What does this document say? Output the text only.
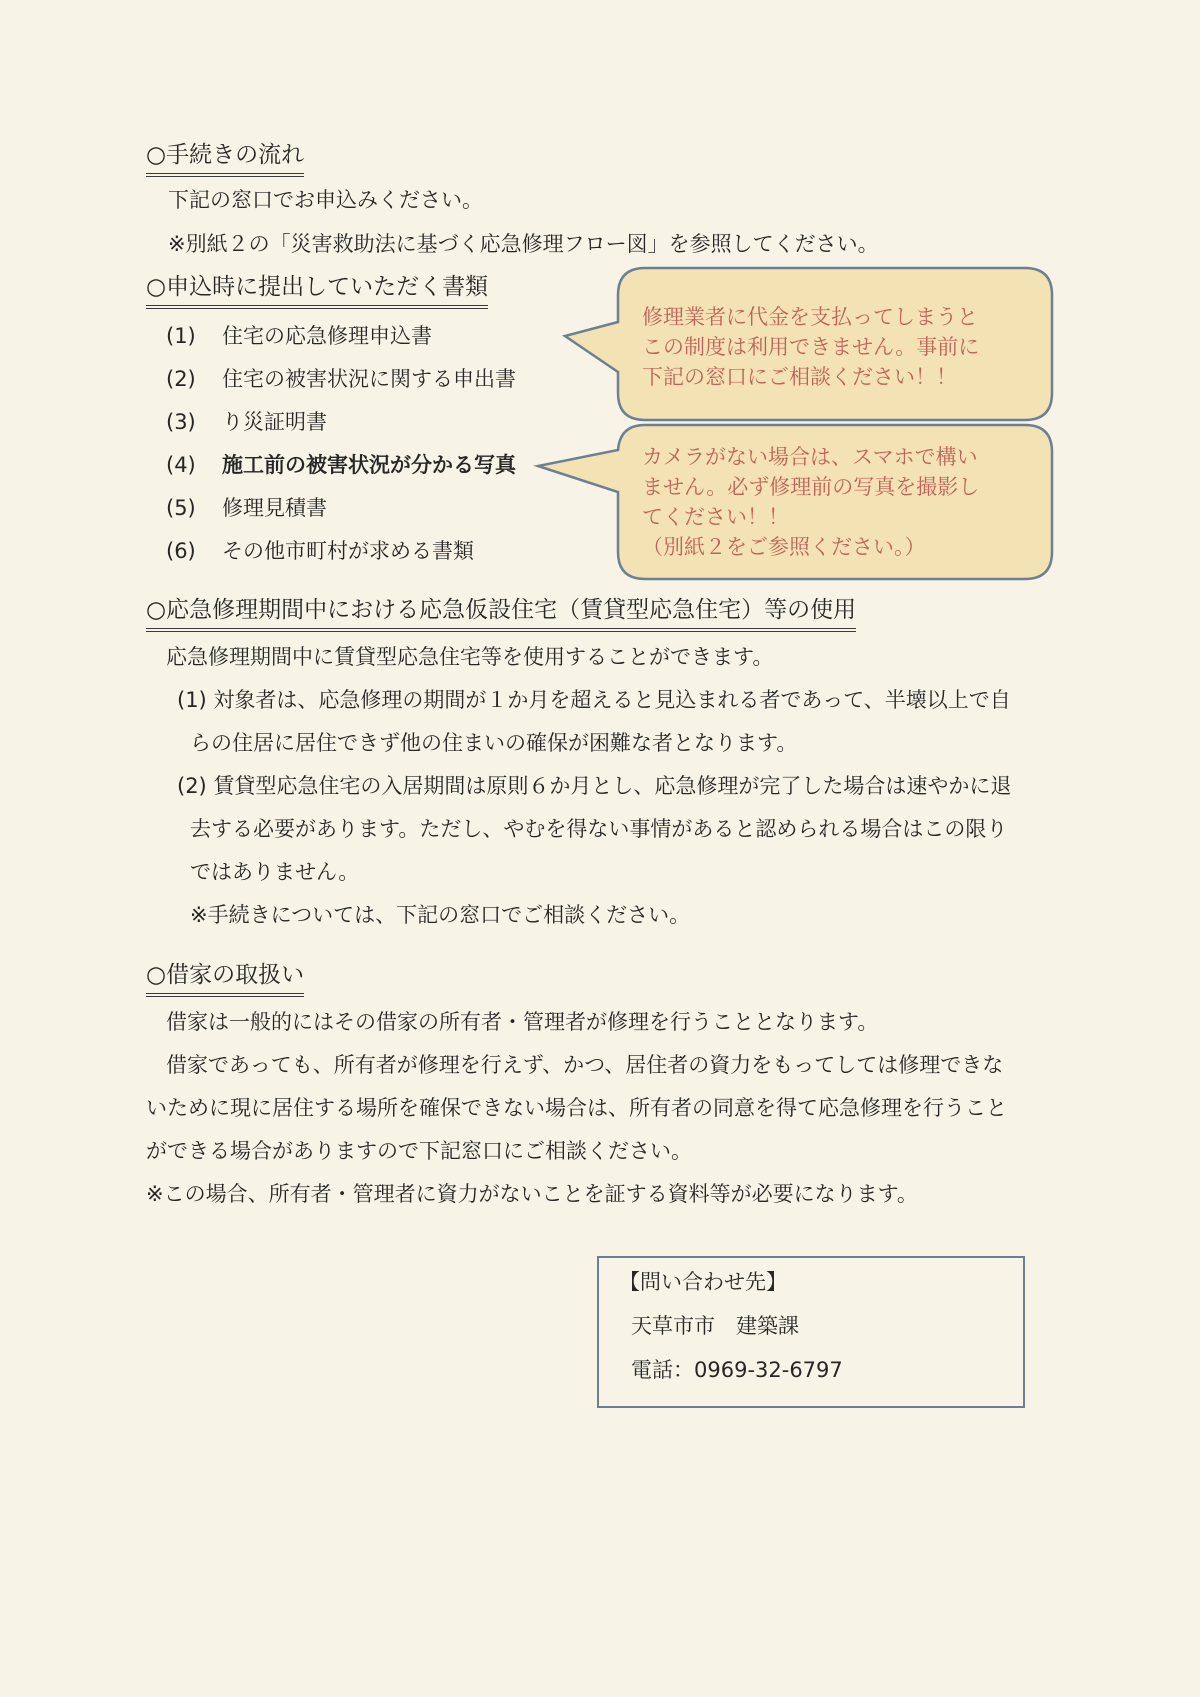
○手続きの流れ
下記の窓口でお申込みください。
※別紙２の「災害救助法に基づく応急修理フロー図」を参照してください。
○申込時に提出していただく書類
(1) 住宅の応急修理申込書
(2) 住宅の被害状況に関する申出書
(3) り災証明書
(4) 施工前の被害状況が分かる写真
(5) 修理見積書
(6) その他市町村が求める書類
修理業者に代金を支払ってしまうと
この制度は利用できません。事前に
下記の窓口にご相談ください！！
カメラがない場合は、スマホで構い
ません。必ず修理前の写真を撮影し
てください！！
（別紙２をご参照ください。）
○応急修理期間中における応急仮設住宅（賃貸型応急住宅）等の使用
応急修理期間中に賃貸型応急住宅等を使用することができます。
(1) 対象者は、応急修理の期間が１か月を超えると見込まれる者であって、半壊以上で自
らの住居に居住できず他の住まいの確保が困難な者となります。
(2) 賃貸型応急住宅の入居期間は原則６か月とし、応急修理が完了した場合は速やかに退
去する必要があります。ただし、やむを得ない事情があると認められる場合はこの限り
ではありません。
※手続きについては、下記の窓口でご相談ください。
○借家の取扱い
借家は一般的にはその借家の所有者・管理者が修理を行うこととなります。
借家であっても、所有者が修理を行えず、かつ、居住者の資力をもってしては修理できな
いために現に居住する場所を確保できない場合は、所有者の同意を得て応急修理を行うこと
ができる場合がありますので下記窓口にご相談ください。
※この場合、所有者・管理者に資力がないことを証する資料等が必要になります。
【問い合わせ先】
天草市市　建築課
電話：0969-32-6797
